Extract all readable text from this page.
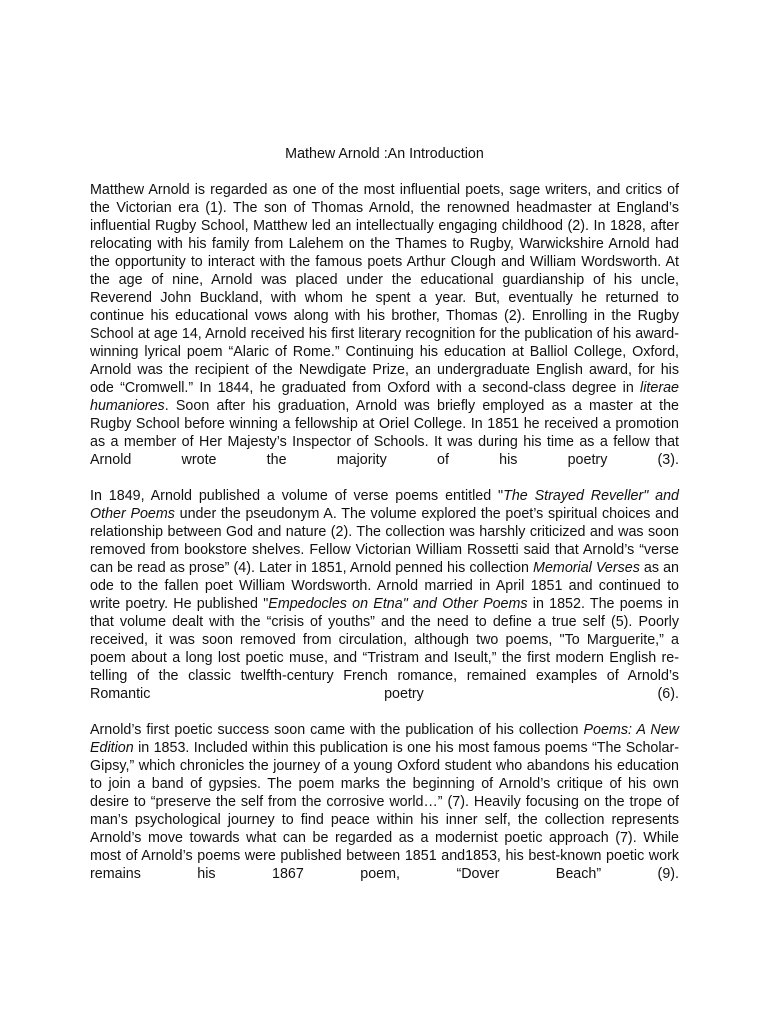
Mathew Arnold :An Introduction

Matthew Arnold is regarded as one of the most influential poets, sage writers, and critics of the Victorian era (1). The son of Thomas Arnold, the renowned headmaster at England’s influential Rugby School, Matthew led an intellectually engaging childhood (2). In 1828, after relocating with his family from Lalehem on the Thames to Rugby, Warwickshire Arnold had the opportunity to interact with the famous poets Arthur Clough and William Wordsworth. At the age of nine, Arnold was placed under the educational guardianship of his uncle, Reverend John Buckland, with whom he spent a year. But, eventually he returned to continue his educational vows along with his brother, Thomas (2). Enrolling in the Rugby School at age 14, Arnold received his first literary recognition for the publication of his award-winning lyrical poem “Alaric of Rome.” Continuing his education at Balliol College, Oxford, Arnold was the recipient of the Newdigate Prize, an undergraduate English award, for his ode “Cromwell.” In 1844, he graduated from Oxford with a second-class degree in literae humaniores. Soon after his graduation, Arnold was briefly employed as a master at the Rugby School before winning a fellowship at Oriel College. In 1851 he received a promotion as a member of Her Majesty’s Inspector of Schools. It was during his time as a fellow that Arnold wrote the majority of his poetry (3).

In 1849, Arnold published a volume of verse poems entitled "The Strayed Reveller" and Other Poems under the pseudonym A. The volume explored the poet’s spiritual choices and relationship between God and nature (2). The collection was harshly criticized and was soon removed from bookstore shelves. Fellow Victorian William Rossetti said that Arnold’s “verse can be read as prose” (4). Later in 1851, Arnold penned his collection Memorial Verses as an ode to the fallen poet William Wordsworth. Arnold married in April 1851 and continued to write poetry. He published "Empedocles on Etna" and Other Poems in 1852. The poems in that volume dealt with the “crisis of youths” and the need to define a true self (5). Poorly received, it was soon removed from circulation, although two poems, "To Marguerite,” a poem about a long lost poetic muse, and “Tristram and Iseult,” the first modern English re-telling of the classic twelfth-century French romance, remained examples of Arnold’s Romantic poetry (6).

Arnold’s first poetic success soon came with the publication of his collection Poems: A New Edition in 1853. Included within this publication is one his most famous poems “The Scholar-Gipsy,” which chronicles the journey of a young Oxford student who abandons his education to join a band of gypsies. The poem marks the beginning of Arnold’s critique of his own desire to “preserve the self from the corrosive world…” (7). Heavily focusing on the trope of man’s psychological journey to find peace within his inner self, the collection represents Arnold’s move towards what can be regarded as a modernist poetic approach (7). While most of Arnold’s poems were published between 1851 and1853, his best-known poetic work remains his 1867 poem, “Dover Beach” (9).
